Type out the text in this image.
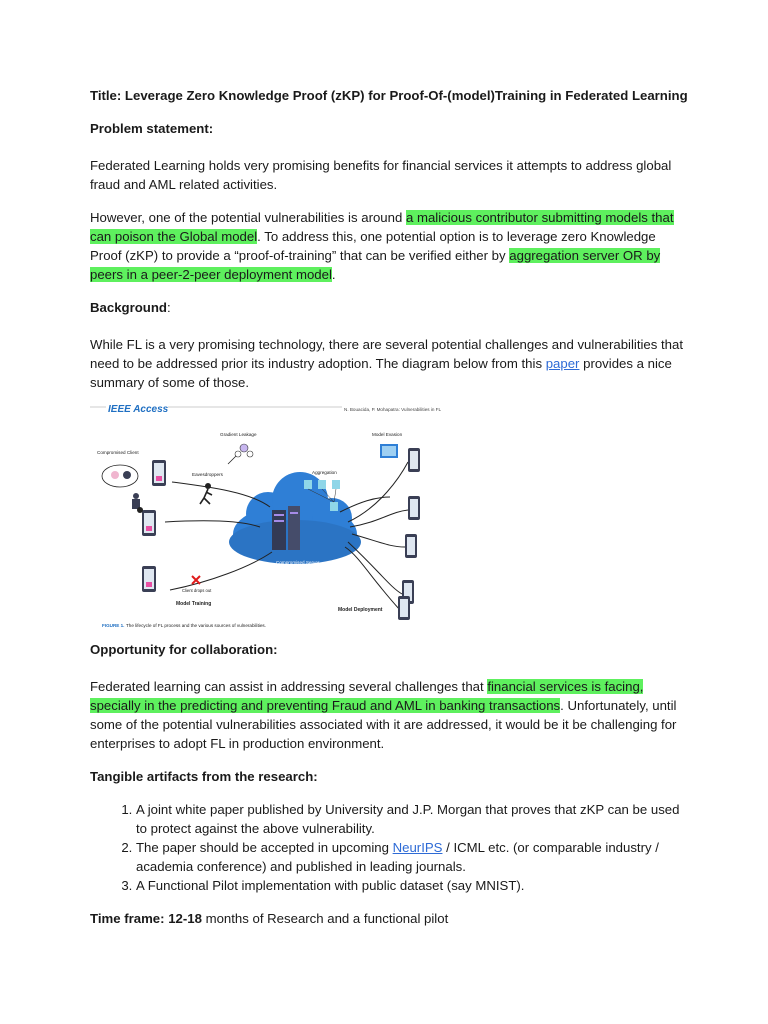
Title: Leverage Zero Knowledge Proof (zKP) for Proof-Of-(model)Training in Federated Learning

Problem statement:

Federated Learning holds very promising benefits for financial services it attempts to address global fraud and AML related activities.

However, one of the potential vulnerabilities is around a malicious contributor submitting models that can poison the Global model. To address this, one potential option is to leverage zero Knowledge Proof (zKP) to provide a “proof-of-training” that can be verified either by aggregation server OR by peers in a peer-2-peer deployment model.

Background:

While FL is a very promising technology, there are several potential challenges and vulnerabilities that need to be addressed prior its industry adoption. The diagram below from this paper provides a nice summary of some of those.

IEEE Access	N. Bouacida, P. Mohapatra: Vulnerabilities in FL
Compromised Server
Compromised Client
Gradient Leakage
Eavesdroppers	Aggregation
Model Evasion
Client drops out
Model Training
Model Deployment
FIGURE 1. The lifecycle of FL process and the various sources of vulnerabilities.

Opportunity for collaboration:

Federated learning can assist in addressing several challenges that financial services is facing, specially in the predicting and preventing Fraud and AML in banking transactions. Unfortunately, until some of the potential vulnerabilities associated with it are addressed, it would be it be challenging for enterprises to adopt FL in production environment.

Tangible artifacts from the research:

1. A joint white paper published by University and J.P. Morgan that proves that zKP can be used to protect against the above vulnerability.
2. The paper should be accepted in upcoming NeurIPS / ICML etc. (or comparable industry / academia conference) and published in leading journals.
3. A Functional Pilot implementation with public dataset (say MNIST).

Time frame: 12-18 months of Research and a functional pilot
